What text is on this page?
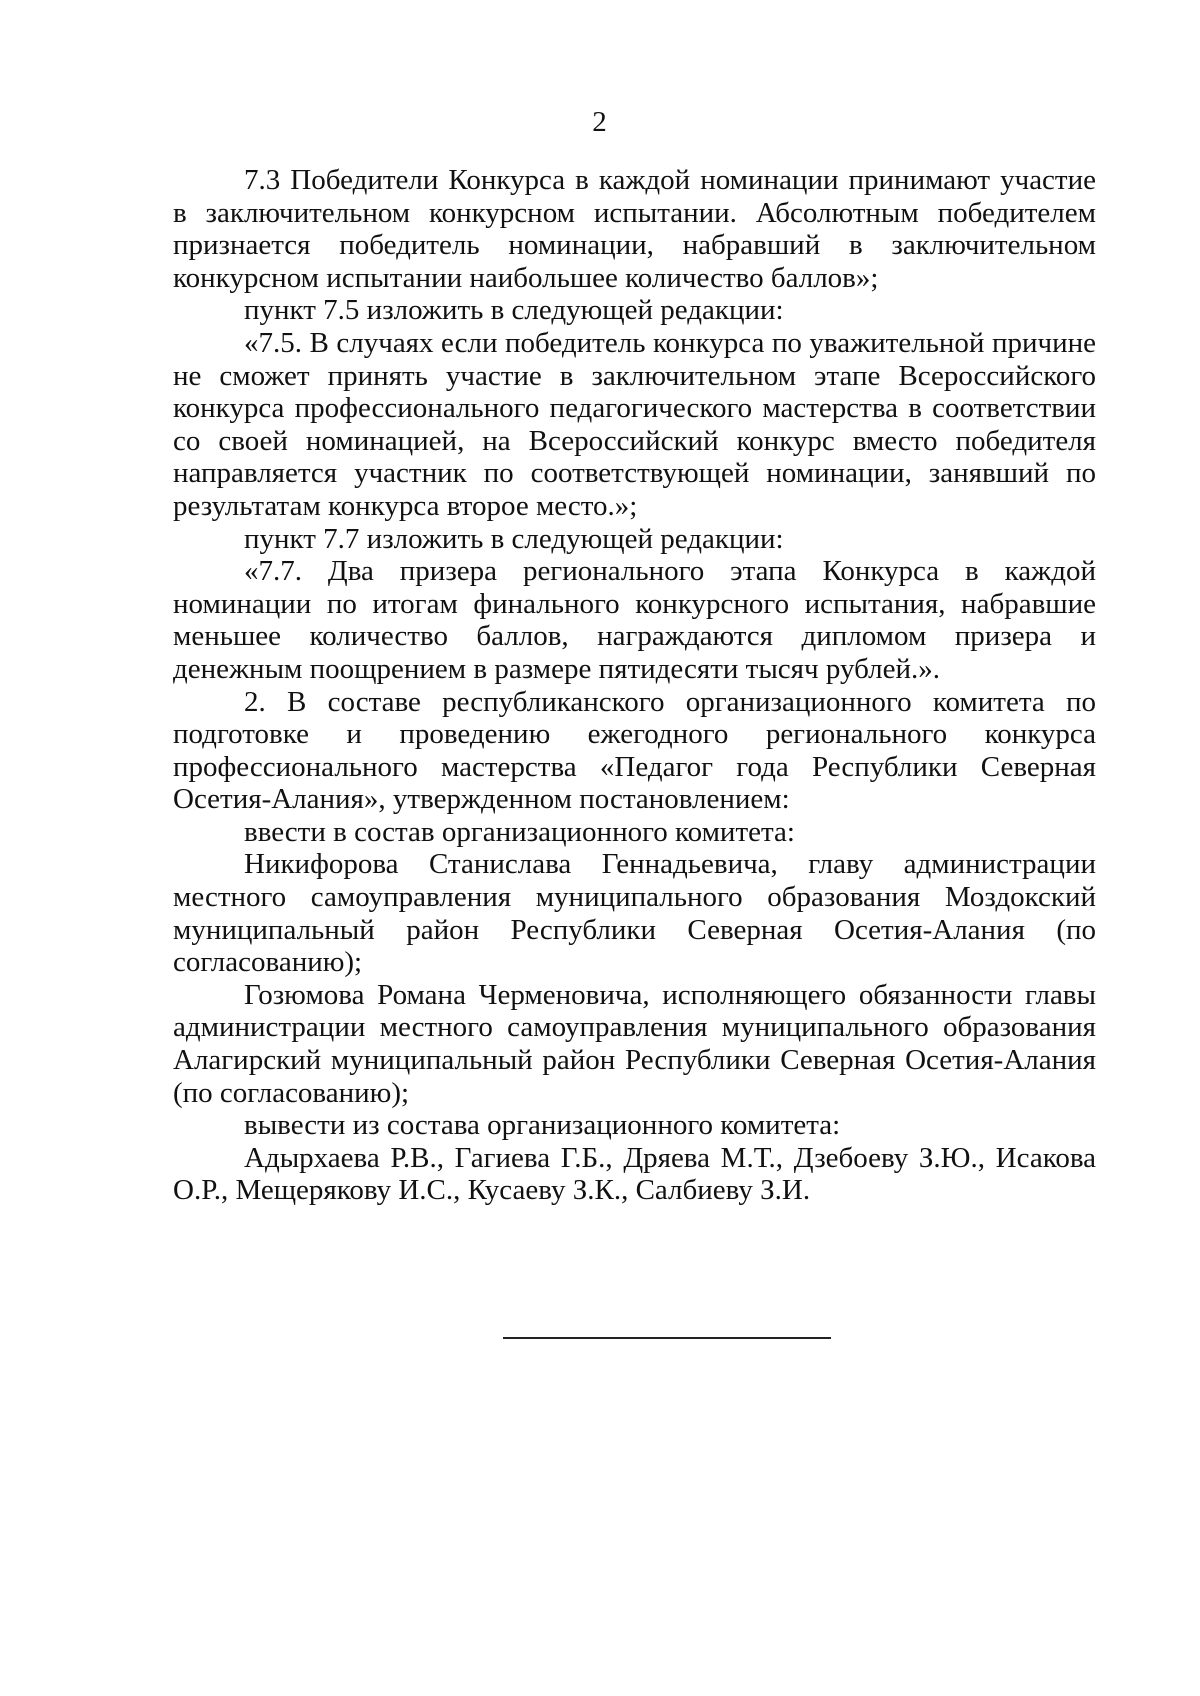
2

7.3 Победители Конкурса в каждой номинации принимают участие в заключительном конкурсном испытании. Абсолютным победителем признается победитель номинации, набравший в заключительном конкурсном испытании наибольшее количество баллов»;

пункт 7.5 изложить в следующей редакции:

«7.5. В случаях если победитель конкурса по уважительной причине не сможет принять участие в заключительном этапе Всероссийского конкурса профессионального педагогического мастерства в соответствии со своей номинацией, на Всероссийский конкурс вместо победителя направляется участник по соответствующей номинации, занявший по результатам конкурса второе место.»;

пункт 7.7 изложить в следующей редакции:

«7.7. Два призера регионального этапа Конкурса в каждой номинации по итогам финального конкурсного испытания, набравшие меньшее количество баллов, награждаются дипломом призера и денежным поощрением в размере пятидесяти тысяч рублей.».

2. В составе республиканского организационного комитета по подготовке и проведению ежегодного регионального конкурса профессионального мастерства «Педагог года Республики Северная Осетия-Алания», утвержденном постановлением:

ввести в состав организационного комитета:

Никифорова Станислава Геннадьевича, главу администрации местного самоуправления муниципального образования Моздокский муниципальный район Республики Северная Осетия-Алания (по согласованию);

Гозюмова Романа Черменовича, исполняющего обязанности главы администрации местного самоуправления муниципального образования Алагирский муниципальный район Республики Северная Осетия-Алания (по согласованию);

вывести из состава организационного комитета:

Адырхаева Р.В., Гагиева Г.Б., Дряева М.Т., Дзебоеву З.Ю., Исакова О.Р., Мещерякову И.С., Кусаеву З.К., Салбиеву З.И.
